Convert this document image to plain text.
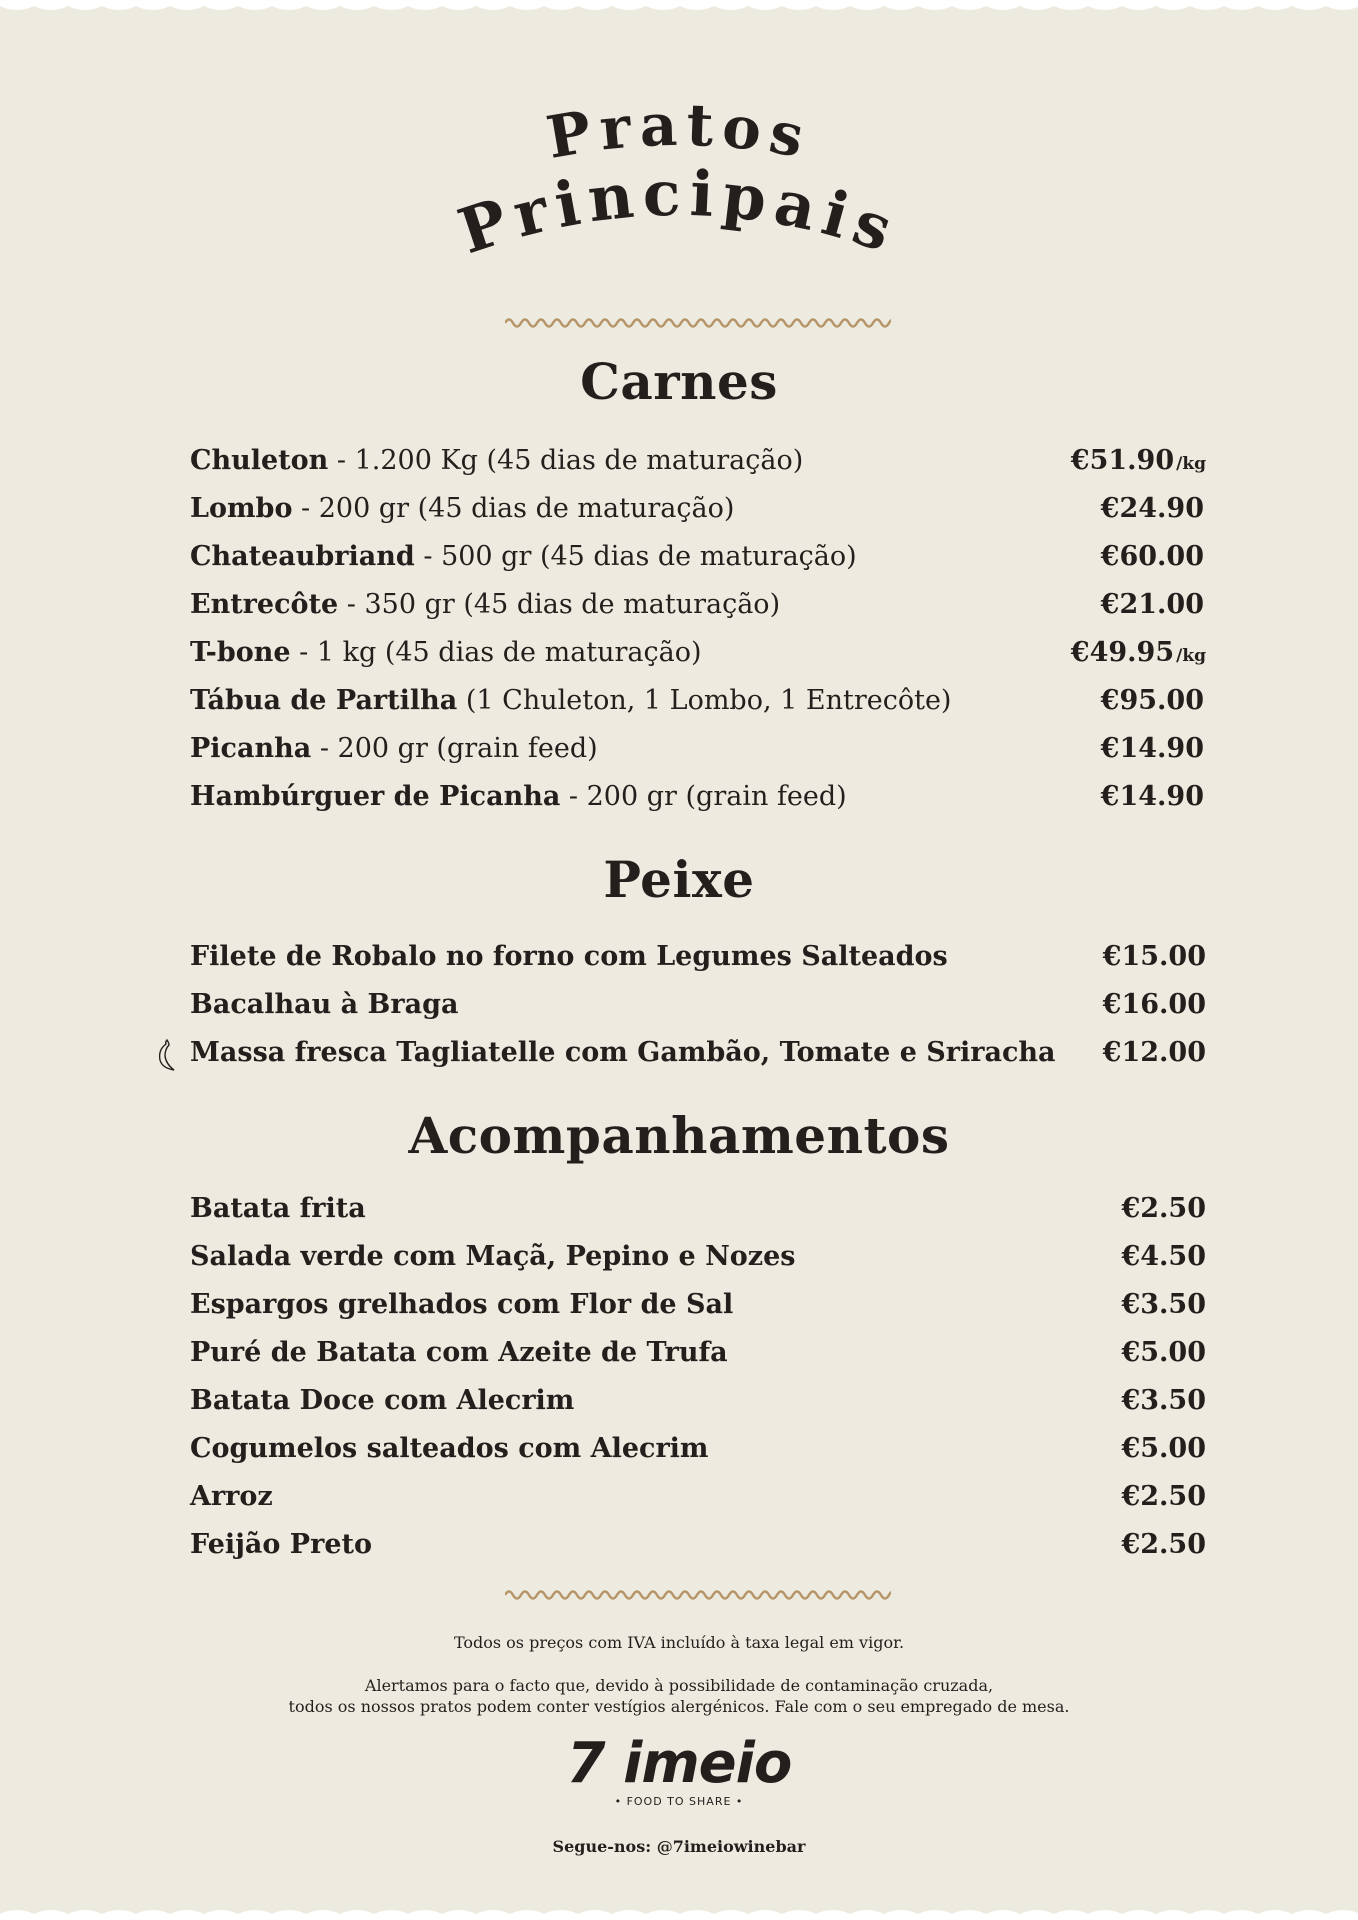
Pratos
Principais
Carnes
Chuleton - 1.200 Kg (45 dias de maturação)	€51.90 /kg
Lombo - 200 gr (45 dias de maturação)	€24.90
Chateaubriand - 500 gr (45 dias de maturação)	€60.00
Entrecôte - 350 gr (45 dias de maturação)	€21.00
T-bone - 1 kg (45 dias de maturação)	€49.95 /kg
Tábua de Partilha (1 Chuleton, 1 Lombo, 1 Entrecôte)	€95.00
Picanha - 200 gr (grain feed)	€14.90
Hambúrguer de Picanha - 200 gr (grain feed)	€14.90
Peixe
Filete de Robalo no forno com Legumes Salteados	€15.00
Bacalhau à Braga	€16.00
Massa fresca Tagliatelle com Gambão, Tomate e Sriracha €12.00
Acompanhamentos
Batata frita	€2.50
Salada verde com Maçã, Pepino e Nozes	€4.50
Espargos grelhados com Flor de Sal	€3.50
Puré de Batata com Azeite de Trufa	€5.00
Batata Doce com Alecrim	€3.50
Cogumelos salteados com Alecrim	€5.00
Arroz	€2.50
Feijão Preto	€2.50

Todos os preços com IVA incluído à taxa legal em vigor.

Alertamos para o facto que, devido à possibilidade de contaminação cruzada,

todos os nossos pratos podem conter vestígios alergénicos. Fale com o seu empregado de mesa.

7 imeio
• FOOD TO SHARE •
Segue-nos: @7imeiowinebar
